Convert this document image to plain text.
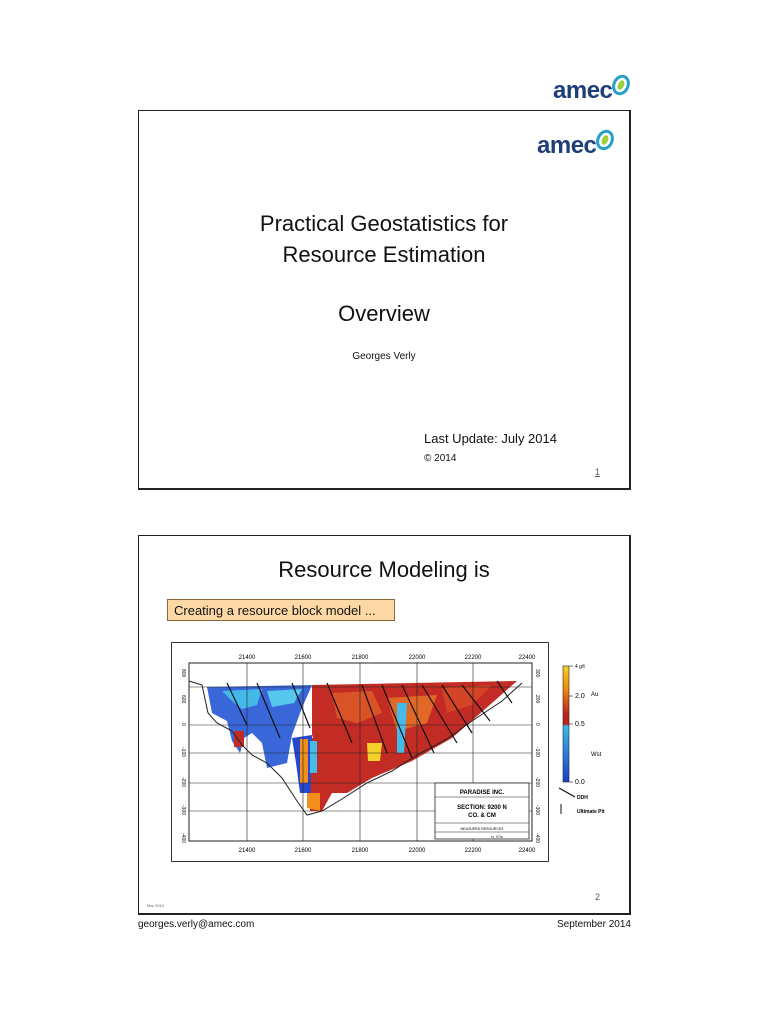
amec
amec
Practical Geostatistics for
Resource Estimation
Overview
Georges Verly
Last Update: July 2014
© 2014
1
Resource Modeling is
Creating a resource block model ...
21400	21600	21800	22000	22200	22400
21400	21600	21800	22000	22200	22400
800
600
0
-100
-200
-300
-400
300
200
0
-100
-200
-300
-400
PARADISE INC.
SECTION: 9200 N
CO. & CM
MEASURED RESOURCES
rv_07m
4 g/t
2.0 Au
0.5
Wst
0.0
DDH
Ultimate Pit
2
Mar 2010
georges.verly@amec.com	September 2014
